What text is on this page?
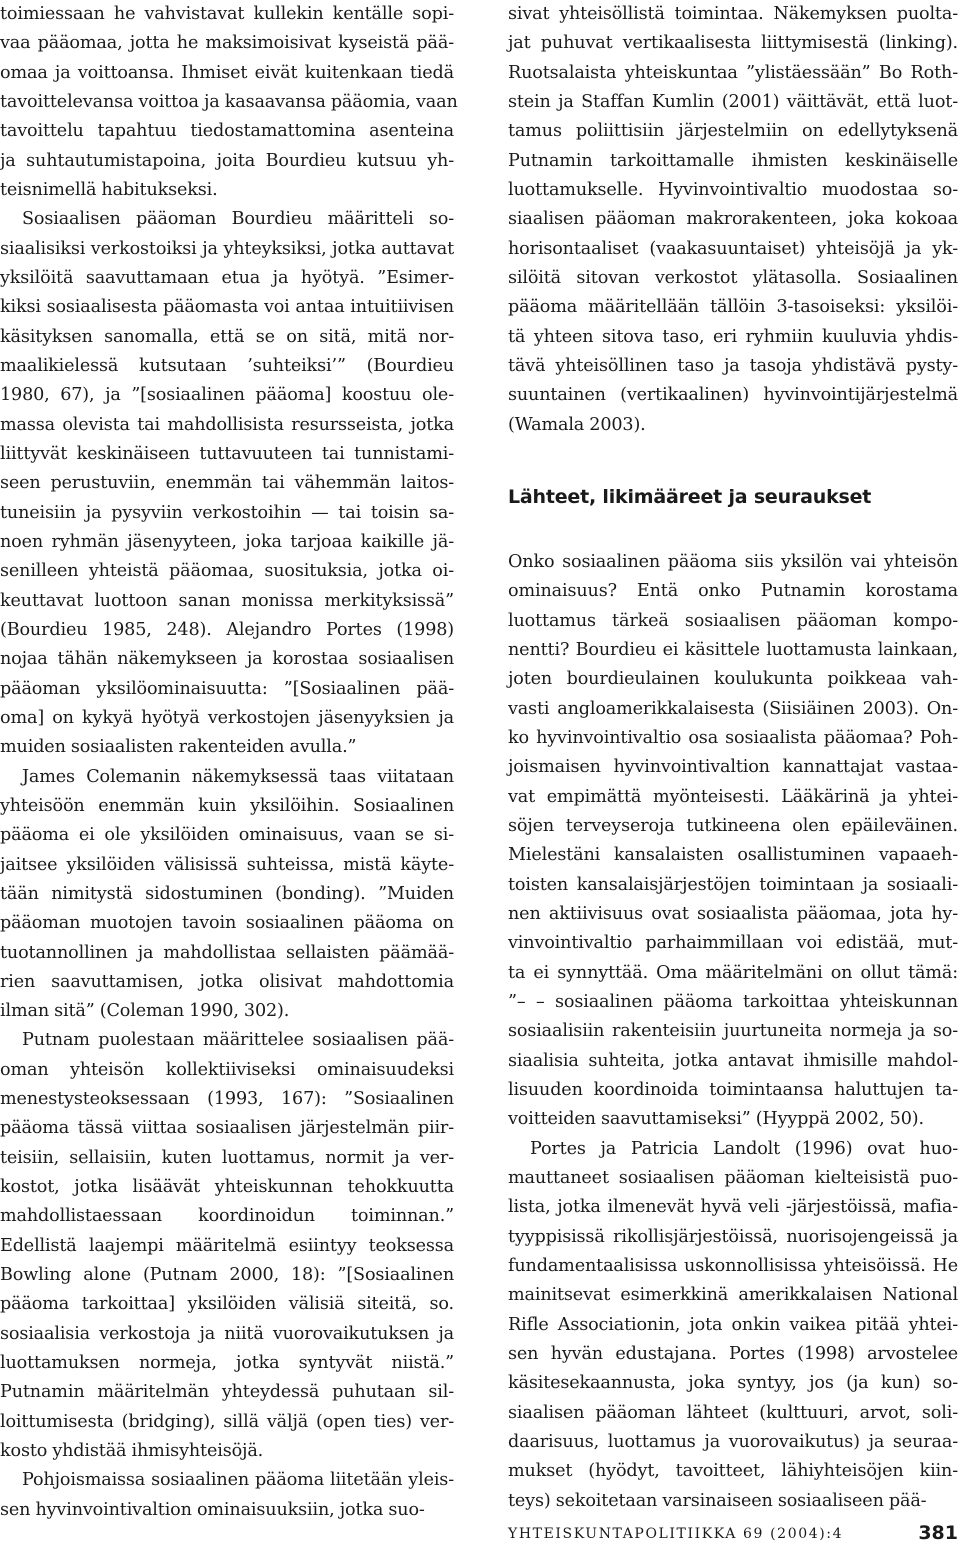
toimiessaan he vahvistavat kullekin kentälle sopi-
vaa pääomaa, jotta he maksimoisivat kyseistä pää-
omaa ja voittoansa. Ihmiset eivät kuitenkaan tiedä
tavoittelevansa voittoa ja kasaavansa pääomia, vaan
tavoittelu tapahtuu tiedostamattomina asenteina
ja suhtautumistapoina, joita Bourdieu kutsuu yh-
teisnimellä habitukseksi.

Sosiaalisen pääoman Bourdieu määritteli so-
siaalisiksi verkostoiksi ja yhteyksiksi, jotka auttavat
yksilöitä saavuttamaan etua ja hyötyä. ”Esimer-
kiksi sosiaalisesta pääomasta voi antaa intuitiivisen
käsityksen sanomalla, että se on sitä, mitä nor-
maalikielessä kutsutaan ’suhteiksi’” (Bourdieu
1980, 67), ja ”[sosiaalinen pääoma] koostuu ole-
massa olevista tai mahdollisista resursseista, jotka
liittyvät keskinäiseen tuttavuuteen tai tunnistami-
seen perustuviin, enemmän tai vähemmän laitos-
tuneisiin ja pysyviin verkostoihin — tai toisin sa-
noen ryhmän jäsenyyteen, joka tarjoaa kaikille jä-
senilleen yhteistä pääomaa, suosituksia, jotka oi-
keuttavat luottoon sanan monissa merkityksissä”
(Bourdieu 1985, 248). Alejandro Portes (1998)
nojaa tähän näkemykseen ja korostaa sosiaalisen
pääoman yksilöominaisuutta: ”[Sosiaalinen pää-
oma] on kykyä hyötyä verkostojen jäsenyyksien ja
muiden sosiaalisten rakenteiden avulla.”

James Colemanin näkemyksessä taas viitataan
yhteisöön enemmän kuin yksilöihin. Sosiaalinen
pääoma ei ole yksilöiden ominaisuus, vaan se si-
jaitsee yksilöiden välisissä suhteissa, mistä käyte-
tään nimitystä sidostuminen (bonding). ”Muiden
pääoman muotojen tavoin sosiaalinen pääoma on
tuotannollinen ja mahdollistaa sellaisten päämää-
rien saavuttamisen, jotka olisivat mahdottomia
ilman sitä” (Coleman 1990, 302).

Putnam puolestaan määrittelee sosiaalisen pää-
oman yhteisön kollektiiviseksi ominaisuudeksi
menestysteoksessaan (1993, 167): ”Sosiaalinen
pääoma tässä viittaa sosiaalisen järjestelmän piir-
teisiin, sellaisiin, kuten luottamus, normit ja ver-
kostot, jotka lisäävät yhteiskunnan tehokkuutta
mahdollistaessaan koordinoidun toiminnan.”
Edellistä laajempi määritelmä esiintyy teoksessa
Bowling alone (Putnam 2000, 18): ”[Sosiaalinen
pääoma tarkoittaa] yksilöiden välisiä siteitä, so.
sosiaalisia verkostoja ja niitä vuorovaikutuksen ja
luottamuksen normeja, jotka syntyvät niistä.”
Putnamin määritelmän yhteydessä puhutaan sil-
loittumisesta (bridging), sillä väljä (open ties) ver-
kosto yhdistää ihmisyhteisöjä.

Pohjoismaissa sosiaalinen pääoma liitetään yleis-
sen hyvinvointivaltion ominaisuuksiin, jotka suo-

sivat yhteisöllistä toimintaa. Näkemyksen puolta-
jat puhuvat vertikaalisesta liittymisestä (linking).
Ruotsalaista yhteiskuntaa ”ylistäessään” Bo Roth-
stein ja Staffan Kumlin (2001) väittävät, että luot-
tamus poliittisiin järjestelmiin on edellytyksenä
Putnamin tarkoittamalle ihmisten keskinäiselle
luottamukselle. Hyvinvointivaltio muodostaa so-
siaalisen pääoman makrorakenteen, joka kokoaa
horisontaaliset (vaakasuuntaiset) yhteisöjä ja yk-
silöitä sitovan verkostot ylätasolla. Sosiaalinen
pääoma määritellään tällöin 3-tasoiseksi: yksilöi-
tä yhteen sitova taso, eri ryhmiin kuuluvia yhdis-
tävä yhteisöllinen taso ja tasoja yhdistävä pysty-
suuntainen (vertikaalinen) hyvinvointijärjestelmä
(Wamala 2003).

Lähteet, likimääreet ja seuraukset

Onko sosiaalinen pääoma siis yksilön vai yhteisön
ominaisuus? Entä onko Putnamin korostama
luottamus tärkeä sosiaalisen pääoman kompo-
nentti? Bourdieu ei käsittele luottamusta lainkaan,
joten bourdieulainen koulukunta poikkeaa vah-
vasti angloamerikkalaisesta (Siisiäinen 2003). On-
ko hyvinvointivaltio osa sosiaalista pääomaa? Poh-
joismaisen hyvinvointivaltion kannattajat vastaa-
vat empimättä myönteisesti. Lääkärinä ja yhtei-
söjen terveyseroja tutkineena olen epäileväinen.
Mielestäni kansalaisten osallistuminen vapaaeh-
toisten kansalaisjärjestöjen toimintaan ja sosiaali-
nen aktiivisuus ovat sosiaalista pääomaa, jota hy-
vinvointivaltio parhaimmillaan voi edistää, mut-
ta ei synnyttää. Oma määritelmäni on ollut tämä:
”– – sosiaalinen pääoma tarkoittaa yhteiskunnan
sosiaalisiin rakenteisiin juurtuneita normeja ja so-
siaalisia suhteita, jotka antavat ihmisille mahdol-
lisuuden koordinoida toimintaansa haluttujen ta-
voitteiden saavuttamiseksi” (Hyyppä 2002, 50).

Portes ja Patricia Landolt (1996) ovat huo-
mauttaneet sosiaalisen pääoman kielteisistä puo-
lista, jotka ilmenevät hyvä veli -järjestöissä, mafia-
tyyppisissä rikollisjärjestöissä, nuorisojengeissä ja
fundamentaalisissa uskonnollisissa yhteisöissä. He
mainitsevat esimerkkinä amerikkalaisen National
Rifle Associationin, jota onkin vaikea pitää yhtei-
sen hyvän edustajana. Portes (1998) arvostelee
käsitesekaannusta, joka syntyy, jos (ja kun) so-
siaalisen pääoman lähteet (kulttuuri, arvot, soli-
daarisuus, luottamus ja vuorovaikutus) ja seuraa-
mukset (hyödyt, tavoitteet, lähiyhteisöjen kiin-
teys) sekoitetaan varsinaiseen sosiaaliseen pää-

YHTEISKUNTAPOLITIIKKA 69 (2004):4	381
